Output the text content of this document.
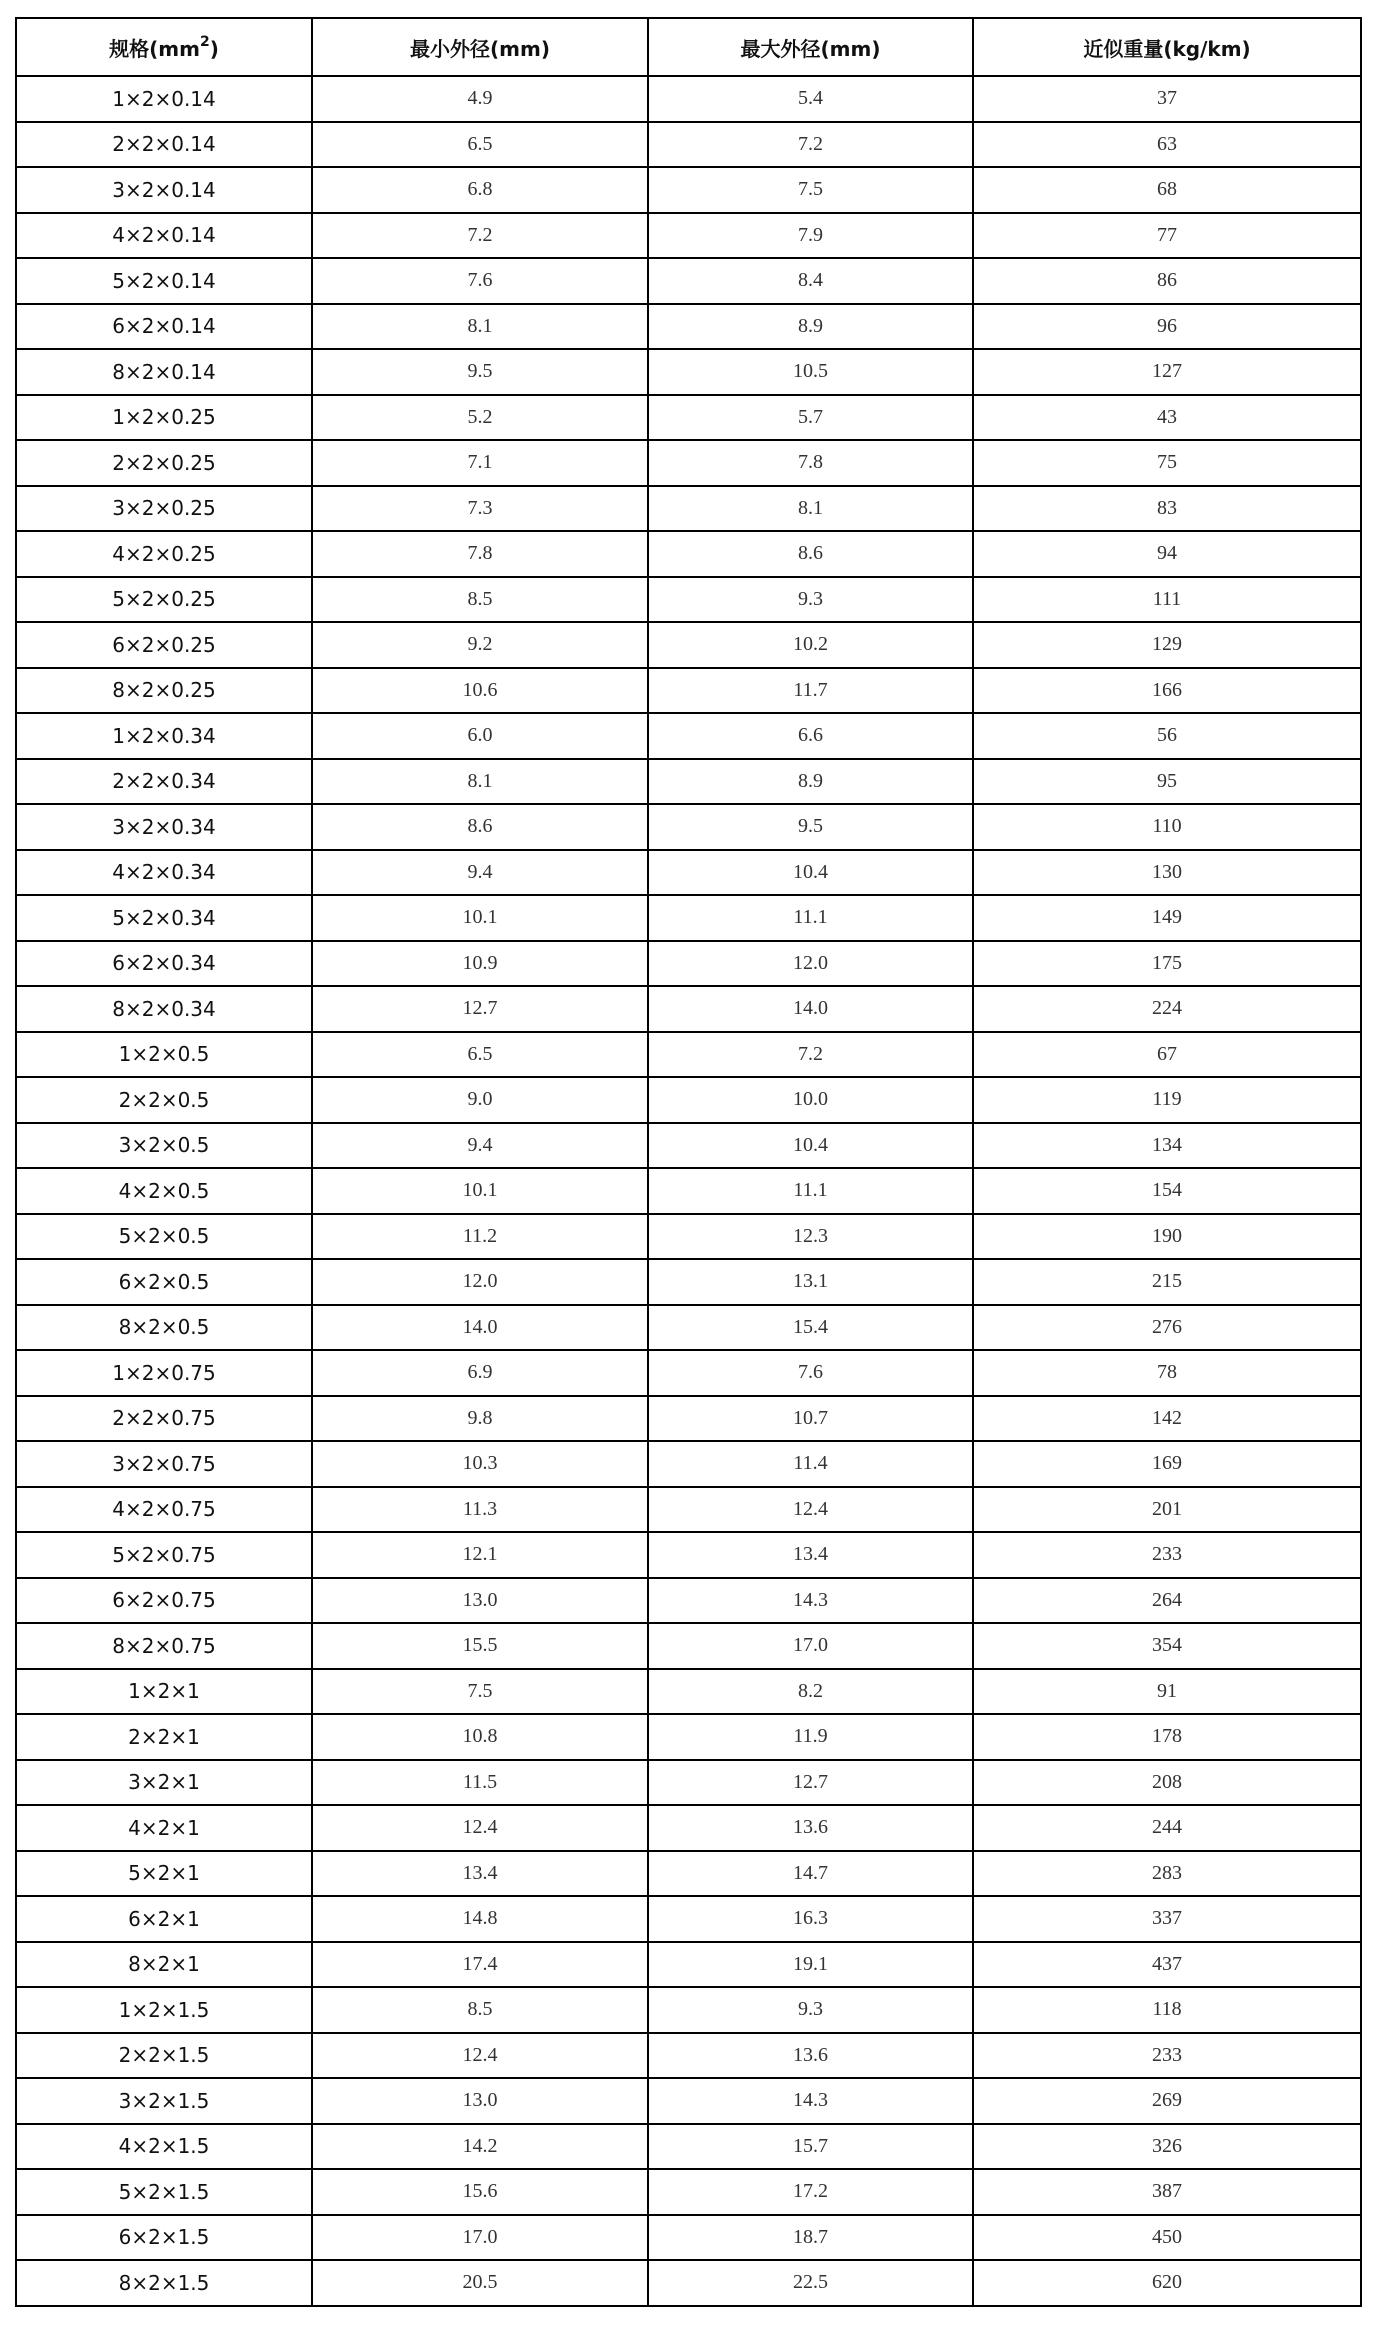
规格$(mm^2)$	最小外径(mm)	最大外径(mm)	近似重量(kg/km)
1×2×0.14	4.9	5.4	37
2×2×0.14	6.5	7.2	63
3×2×0.14	6.8	7.5	68
4×2×0.14	7.2	7.9	77
5×2×0.14	7.6	8.4	86
6×2×0.14	8.1	8.9	96
8×2×0.14	9.5	10.5	127
1×2×0.25	5.2	5.7	43
2×2×0.25	7.1	7.8	75
3×2×0.25	7.3	8.1	83
4×2×0.25	7.8	8.6	94
5×2×0.25	8.5	9.3	111
6×2×0.25	9.2	10.2	129
8×2×0.25	10.6	11.7	166
1×2×0.34	6.0	6.6	56
2×2×0.34	8.1	8.9	95
3×2×0.34	8.6	9.5	110
4×2×0.34	9.4	10.4	130
5×2×0.34	10.1	11.1	149
6×2×0.34	10.9	12.0	175
8×2×0.34	12.7	14.0	224
1×2×0.5	6.5	7.2	67
2×2×0.5	9.0	10.0	119
3×2×0.5	9.4	10.4	134
4×2×0.5	10.1	11.1	154
5×2×0.5	11.2	12.3	190
6×2×0.5	12.0	13.1	215
8×2×0.5	14.0	15.4	276
1×2×0.75	6.9	7.6	78
2×2×0.75	9.8	10.7	142
3×2×0.75	10.3	11.4	169
4×2×0.75	11.3	12.4	201
5×2×0.75	12.1	13.4	233
6×2×0.75	13.0	14.3	264
8×2×0.75	15.5	17.0	354
1×2×1	7.5	8.2	91
2×2×1	10.8	11.9	178
3×2×1	11.5	12.7	208
4×2×1	12.4	13.6	244
5×2×1	13.4	14.7	283
6×2×1	14.8	16.3	337
8×2×1	17.4	19.1	437
1×2×1.5	8.5	9.3	118
2×2×1.5	12.4	13.6	233
3×2×1.5	13.0	14.3	269
4×2×1.5	14.2	15.7	326
5×2×1.5	15.6	17.2	387
6×2×1.5	17.0	18.7	450
8×2×1.5	20.5	22.5	620
